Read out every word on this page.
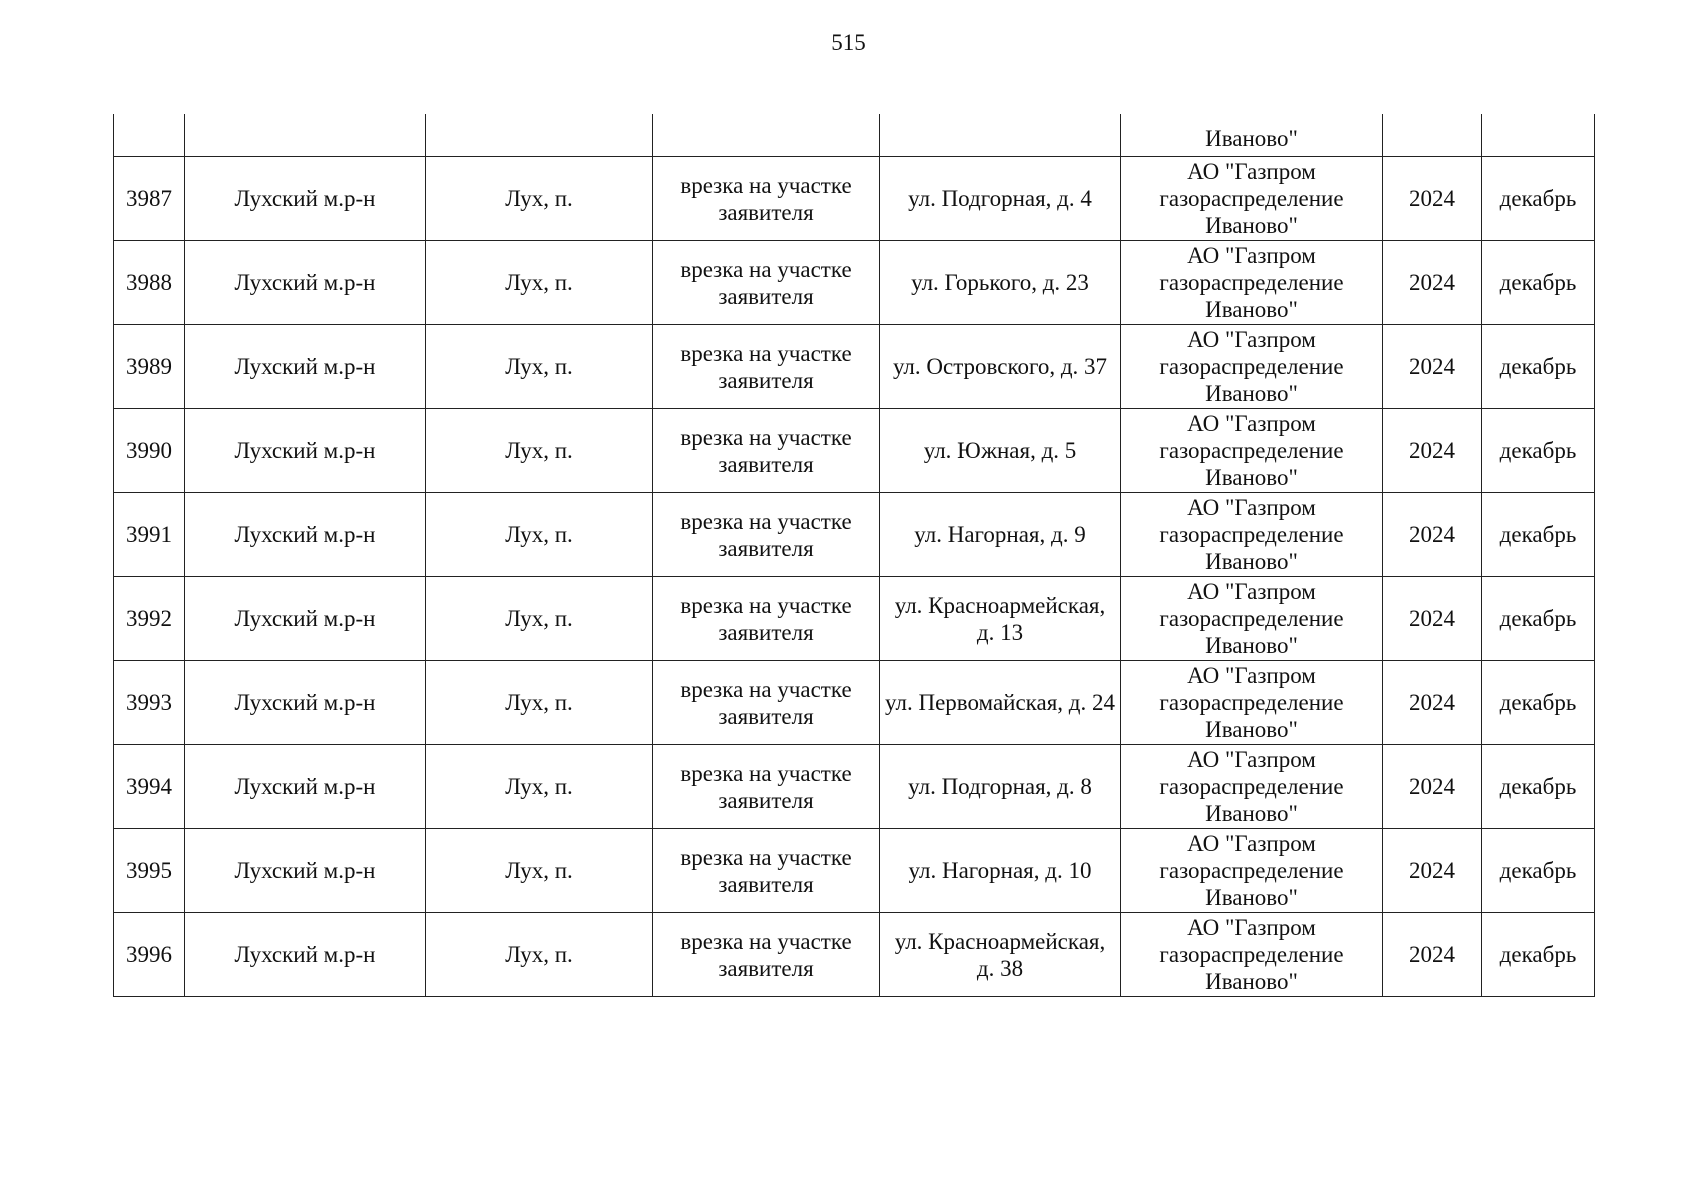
515
					Иваново"		
3987	Лухский м.р-н	Лух, п.	врезка на участке заявителя	ул. Подгорная, д. 4	АО "Газпром газораспределение Иваново"	2024	декабрь
3988	Лухский м.р-н	Лух, п.	врезка на участке заявителя	ул. Горького, д. 23	АО "Газпром газораспределение Иваново"	2024	декабрь
3989	Лухский м.р-н	Лух, п.	врезка на участке заявителя	ул. Островского, д. 37	АО "Газпром газораспределение Иваново"	2024	декабрь
3990	Лухский м.р-н	Лух, п.	врезка на участке заявителя	ул. Южная, д. 5	АО "Газпром газораспределение Иваново"	2024	декабрь
3991	Лухский м.р-н	Лух, п.	врезка на участке заявителя	ул. Нагорная, д. 9	АО "Газпром газораспределение Иваново"	2024	декабрь
3992	Лухский м.р-н	Лух, п.	врезка на участке заявителя	ул. Красноармейская, д. 13	АО "Газпром газораспределение Иваново"	2024	декабрь
3993	Лухский м.р-н	Лух, п.	врезка на участке заявителя	ул. Первомайская, д. 24	АО "Газпром газораспределение Иваново"	2024	декабрь
3994	Лухский м.р-н	Лух, п.	врезка на участке заявителя	ул. Подгорная, д. 8	АО "Газпром газораспределение Иваново"	2024	декабрь
3995	Лухский м.р-н	Лух, п.	врезка на участке заявителя	ул. Нагорная, д. 10	АО "Газпром газораспределение Иваново"	2024	декабрь
3996	Лухский м.р-н	Лух, п.	врезка на участке заявителя	ул. Красноармейская, д. 38	АО "Газпром газораспределение Иваново"	2024	декабрь
